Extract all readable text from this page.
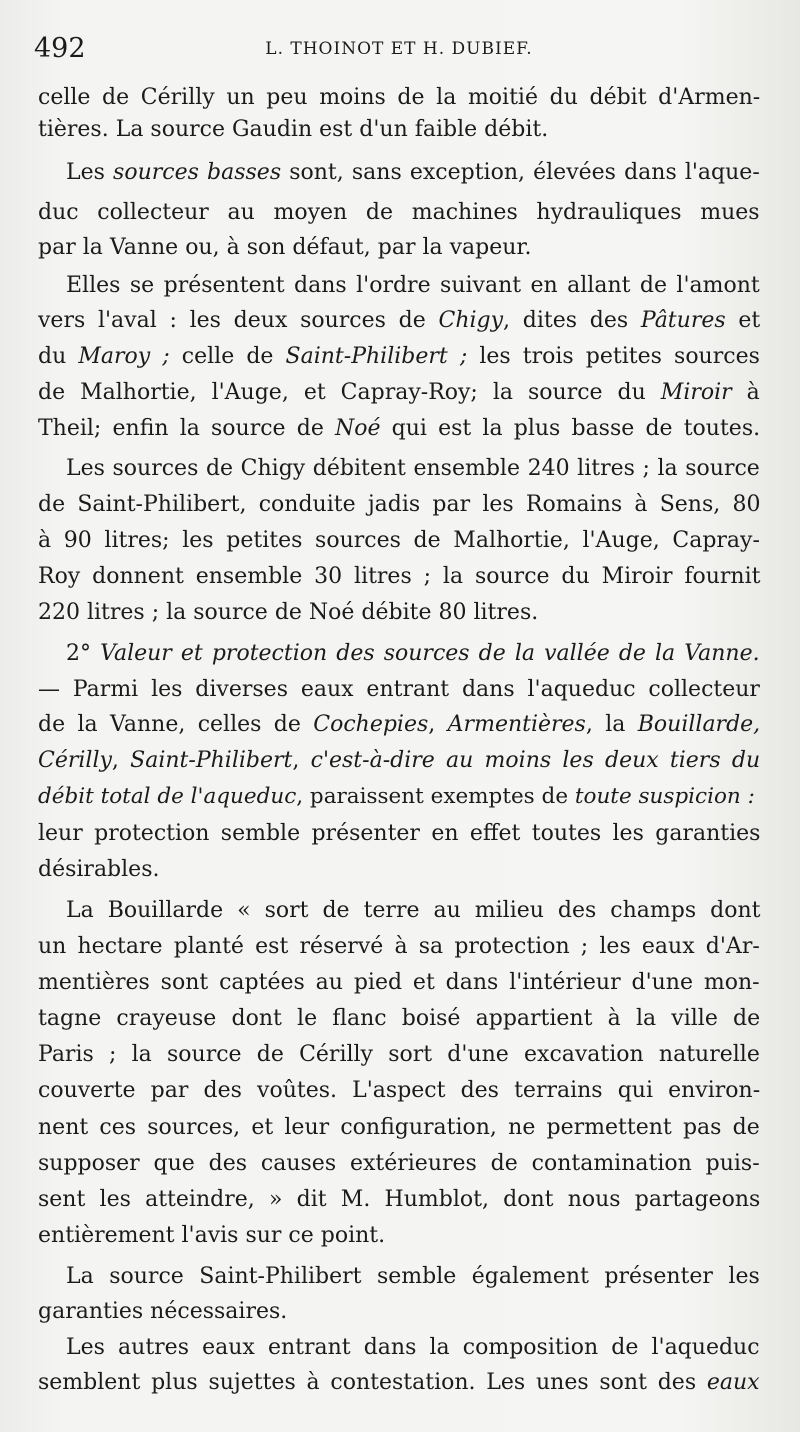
492	L. THOINOT ET H. DUBIEF.
celle de Cérilly un peu moins de la moitié du débit d'Armen-
tières. La source Gaudin est d'un faible débit.
Les sources basses sont, sans exception, élevées dans l'aque-
duc collecteur au moyen de machines hydrauliques mues
par la Vanne ou, à son défaut, par la vapeur.
Elles se présentent dans l'ordre suivant en allant de l'amont
vers l'aval : les deux sources de Chigy, dites des Pâtures et
du Maroy ; celle de Saint-Philibert ; les trois petites sources
de Malhortie, l'Auge, et Capray-Roy; la source du Miroir à
Theil; enfin la source de Noé qui est la plus basse de toutes.
Les sources de Chigy débitent ensemble 240 litres ; la source
de Saint-Philibert, conduite jadis par les Romains à Sens, 80
à 90 litres; les petites sources de Malhortie, l'Auge, Capray-
Roy donnent ensemble 30 litres ; la source du Miroir fournit
220 litres ; la source de Noé débite 80 litres.
2° Valeur et protection des sources de la vallée de la Vanne.
— Parmi les diverses eaux entrant dans l'aqueduc collecteur
de la Vanne, celles de Cochepies, Armentières, la Bouillarde,
Cérilly, Saint-Philibert, c'est-à-dire au moins les deux tiers du
débit total de l'aqueduc, paraissent exemptes de toute suspicion :
leur protection semble présenter en effet toutes les garanties
désirables.
La Bouillarde « sort de terre au milieu des champs dont
un hectare planté est réservé à sa protection ; les eaux d'Ar-
mentières sont captées au pied et dans l'intérieur d'une mon-
tagne crayeuse dont le flanc boisé appartient à la ville de
Paris ; la source de Cérilly sort d'une excavation naturelle
couverte par des voûtes. L'aspect des terrains qui environ-
nent ces sources, et leur configuration, ne permettent pas de
supposer que des causes extérieures de contamination puis-
sent les atteindre, » dit M. Humblot, dont nous partageons
entièrement l'avis sur ce point.
La source Saint-Philibert semble également présenter les
garanties nécessaires.
Les autres eaux entrant dans la composition de l'aqueduc
semblent plus sujettes à contestation. Les unes sont des eaux
